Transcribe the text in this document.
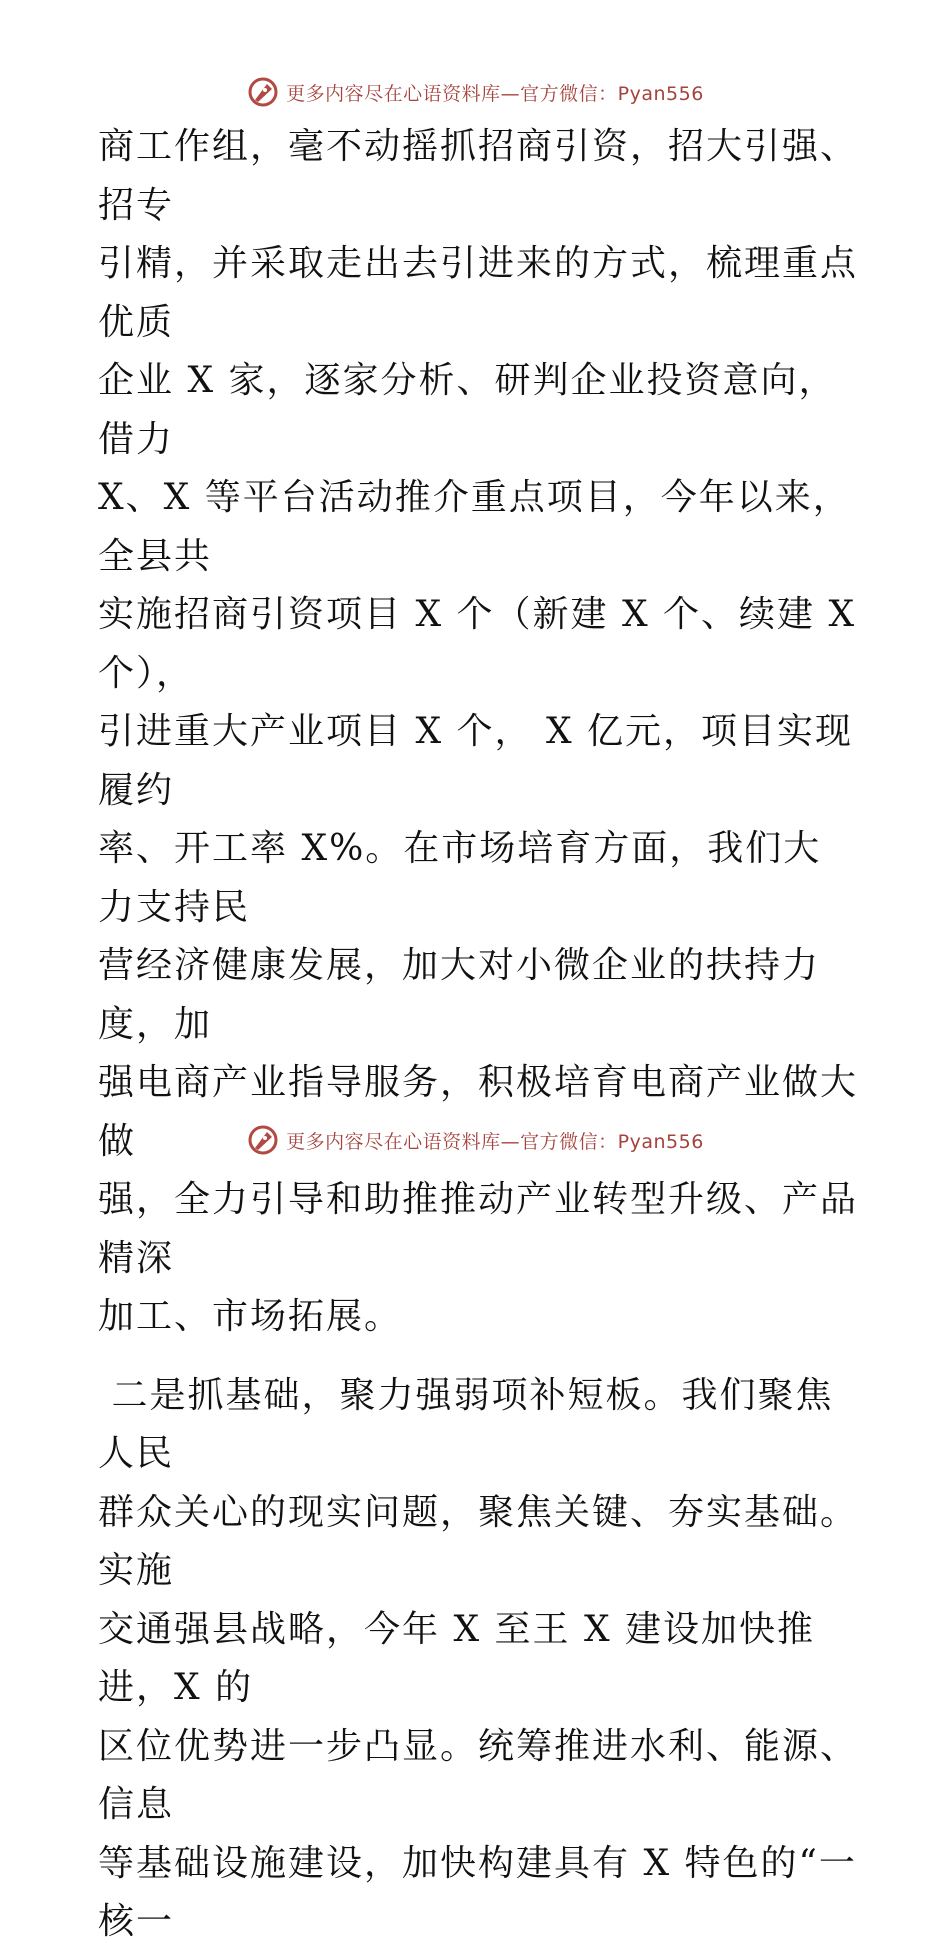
更多内容尽在心语资料库—官方微信：Pyan556

商工作组，毫不动摇抓招商引资，招大引强、招专
引精，并采取走出去引进来的方式，梳理重点优质
企业 X 家，逐家分析、研判企业投资意向，借力
X、X 等平台活动推介重点项目，今年以来，全县共
实施招商引资项目 X 个（新建 X 个、续建 X 个），
引进重大产业项目 X 个， X 亿元，项目实现履约
率、开工率 X%。在市场培育方面，我们大力支持民
营经济健康发展，加大对小微企业的扶持力度，加
强电商产业指导服务，积极培育电商产业做大做
强，全力引导和助推推动产业转型升级、产品精深
加工、市场拓展。

二是抓基础，聚力强弱项补短板。我们聚焦人民
群众关心的现实问题，聚焦关键、夯实基础。实施
交通强县战略，今年 X 至王 X 建设加快推进，X 的
区位优势进一步凸显。统筹推进水利、能源、信息
等基础设施建设，加快构建具有 X 特色的“一核一

更多内容尽在心语资料库—官方微信：Pyan556
